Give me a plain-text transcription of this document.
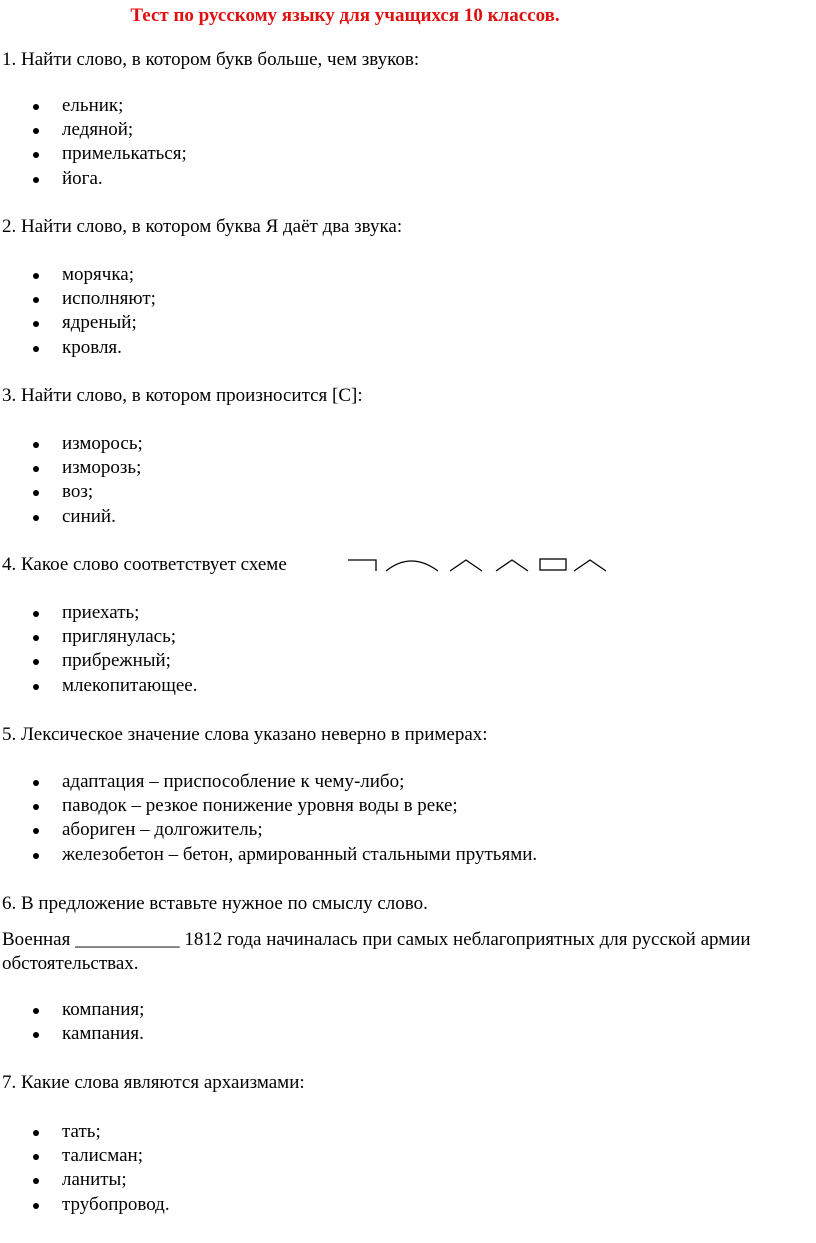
Тест по русскому языку для учащихся 10 классов.
1. Найти слово, в котором букв больше, чем звуков:
ельник;
ледяной;
примелькаться;
йога.
2. Найти слово, в котором буква Я даёт два звука:
морячка;
исполняют;
ядреный;
кровля.
3. Найти слово, в котором произносится [С]:
изморось;
изморозь;
воз;
синий.
4. Какое слово соответствует схеме
приехать;
приглянулась;
прибрежный;
млекопитающее.
5. Лексическое значение слова указано неверно в примерах:
адаптация – приспособление к чему-либо;
паводок – резкое понижение уровня воды в реке;
абориген – долгожитель;
железобетон – бетон, армированный стальными прутьями.
6. В предложение вставьте нужное по смыслу слово.
Военная ___________ 1812 года начиналась при самых неблагоприятных для русской армии обстоятельствах.
компания;
кампания.
7. Какие слова являются архаизмами:
тать;
талисман;
ланиты;
трубопровод.
